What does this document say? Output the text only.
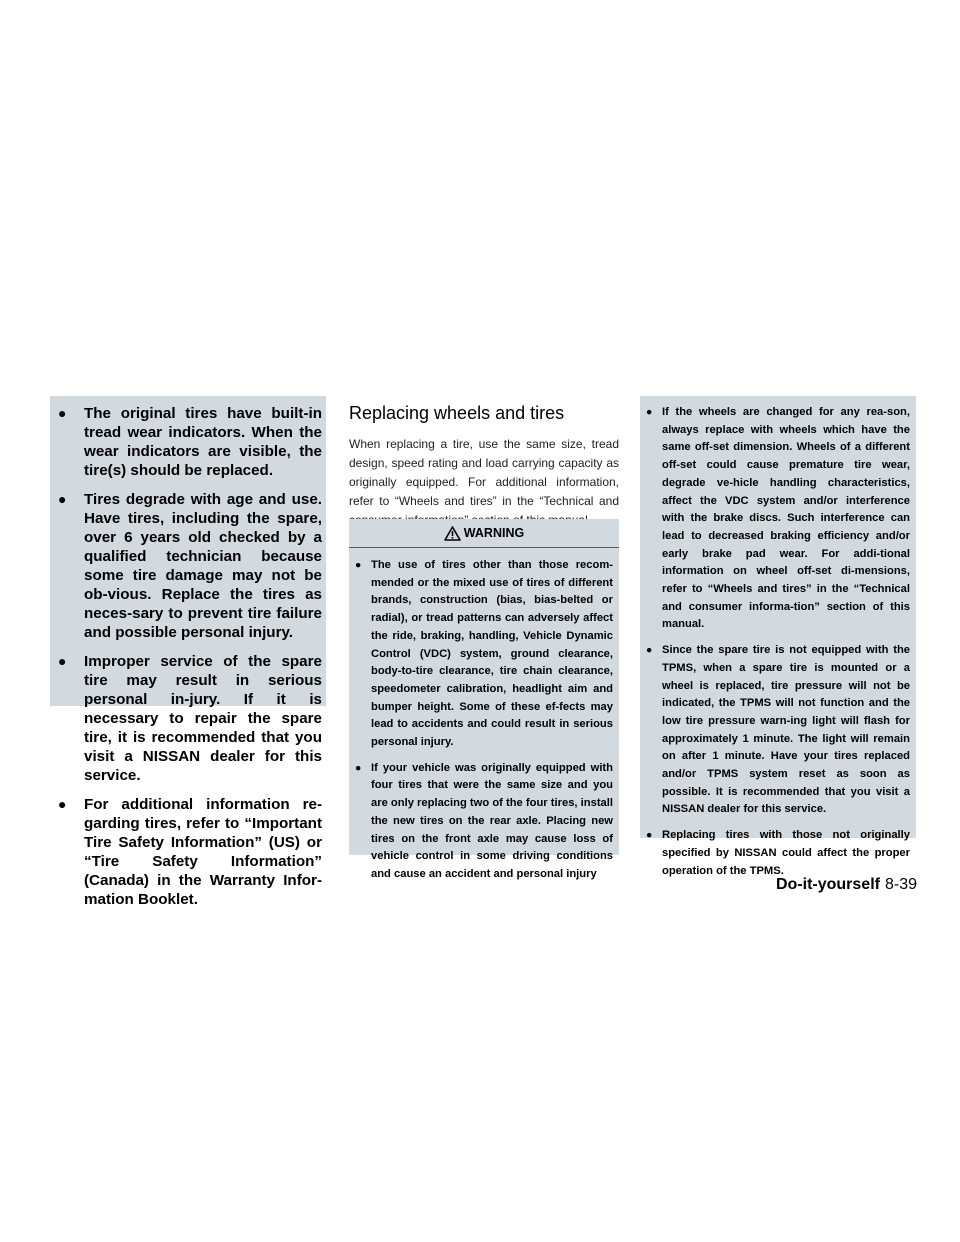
● The original tires have built-in tread wear indicators. When the wear indicators are visible, the tire(s) should be replaced.
● Tires degrade with age and use. Have tires, including the spare, over 6 years old checked by a qualified technician because some tire damage may not be ob-vious. Replace the tires as neces-sary to prevent tire failure and possible personal injury.
● Improper service of the spare tire may result in serious personal in-jury. If it is necessary to repair the spare tire, it is recommended that you visit a NISSAN dealer for this service.
● For additional information re-garding tires, refer to “Important Tire Safety Information” (US) or “Tire Safety Information” (Canada) in the Warranty Infor-mation Booklet.
Replacing wheels and tires

When replacing a tire, use the same size, tread design, speed rating and load carrying capacity as originally equipped. For additional information, refer to “Wheels and tires” in the “Technical and

WARNING
● The use of tires other than those recom-mended or the mixed use of tires of different brands, construction (bias, bias-belted or radial), or tread patterns can adversely affect the ride, braking, handling, Vehicle Dynamic Control (VDC) system, ground clearance, body-to-tire clearance, tire chain clearance, speedometer calibration, headlight aim and bumper height. Some of these ef-fects may lead to accidents and could result in serious personal injury.
● If your vehicle was originally equipped with four tires that were the same size and you are only replacing two of the four tires, install the new tires on the rear axle. Placing new tires on the front axle may cause loss of vehicle control in some driving conditions and cause an accident and personal injury
● If the wheels are changed for any rea-son, always replace with wheels which have the same off-set dimension. Wheels of a different off-set could cause premature tire wear, degrade ve-hicle handling characteristics, affect the VDC system and/or interference with the brake discs. Such interference can lead to decreased braking efficiency and/or early brake pad wear. For addi-tional information on wheel off-set di-mensions, refer to “Wheels and tires” in the “Technical and consumer informa-tion” section of this manual.
● Since the spare tire is not equipped with the TPMS, when a spare tire is mounted or a wheel is replaced, tire pressure will not be indicated, the TPMS will not function and the low tire pressure warn-ing light will flash for approximately 1 minute. The light will remain on after 1 minute. Have your tires replaced and/or TPMS system reset as soon as possible. It is recommended that you visit a NISSAN dealer for this service.
● Replacing tires with those not originally specified by NISSAN could affect the proper operation of the TPMS.
Do-it-yourself 8-39
